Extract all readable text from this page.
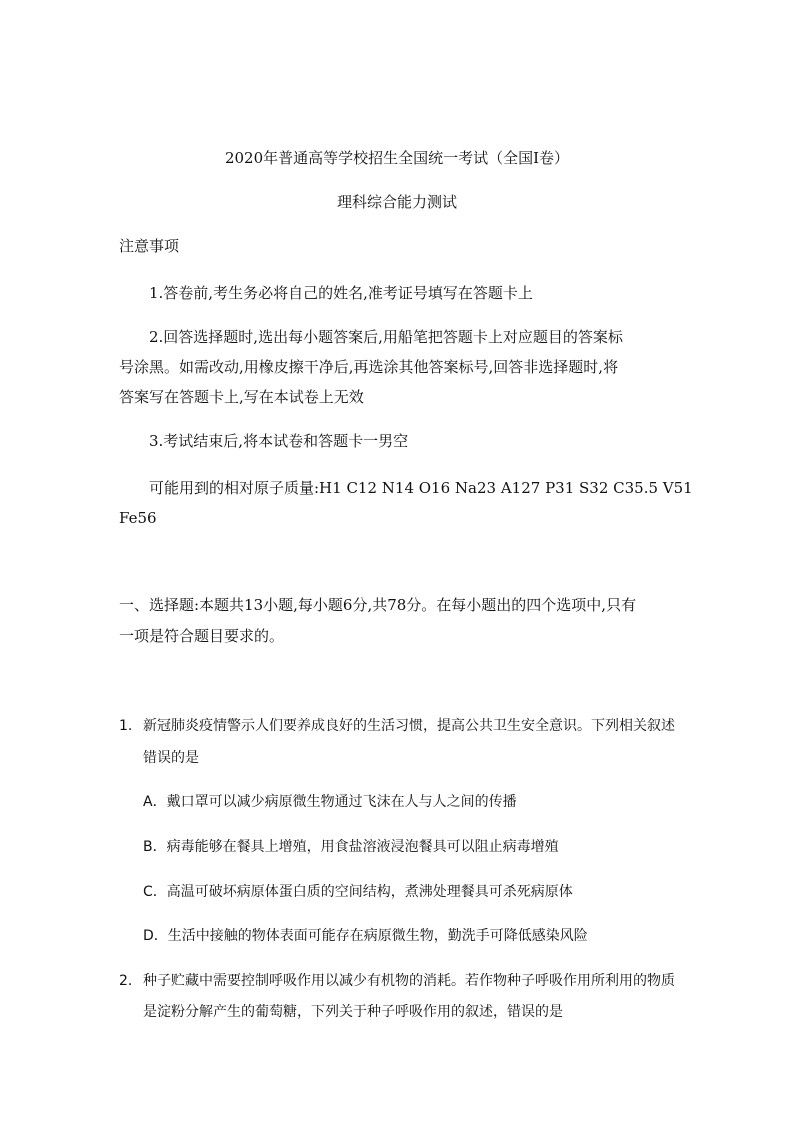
2020年普通高等学校招生全国统一考试（全国I卷）
理科综合能力测试
注意事项
1.答卷前,考生务必将自己的姓名,准考证号填写在答题卡上
2.回答选择题时,选出每小题答案后,用船笔把答题卡上对应题目的答案标
号涂黑。如需改动,用橡皮擦干净后,再选涂其他答案标号,回答非选择题时,将
答案写在答题卡上,写在本试卷上无效
3.考试结束后,将本试卷和答题卡一男空
可能用到的相对原子质量:H1 C12 N14 O16 Na23 A127 P31 S32 C35.5 V51
Fe56
一、选择题:本题共13小题,每小题6分,共78分。在每小题出的四个选项中,只有
一项是符合题目要求的。
1. 新冠肺炎疫情警示人们要养成良好的生活习惯，提高公共卫生安全意识。下列相关叙述
错误的是
A．戴口罩可以减少病原微生物通过飞沫在人与人之间的传播
B．病毒能够在餐具上增殖，用食盐溶液浸泡餐具可以阻止病毒增殖
C．高温可破坏病原体蛋白质的空间结构，煮沸处理餐具可杀死病原体
D．生活中接触的物体表面可能存在病原微生物，勤洗手可降低感染风险
2. 种子贮藏中需要控制呼吸作用以减少有机物的消耗。若作物种子呼吸作用所利用的物质
是淀粉分解产生的葡萄糖，下列关于种子呼吸作用的叙述，错误的是
